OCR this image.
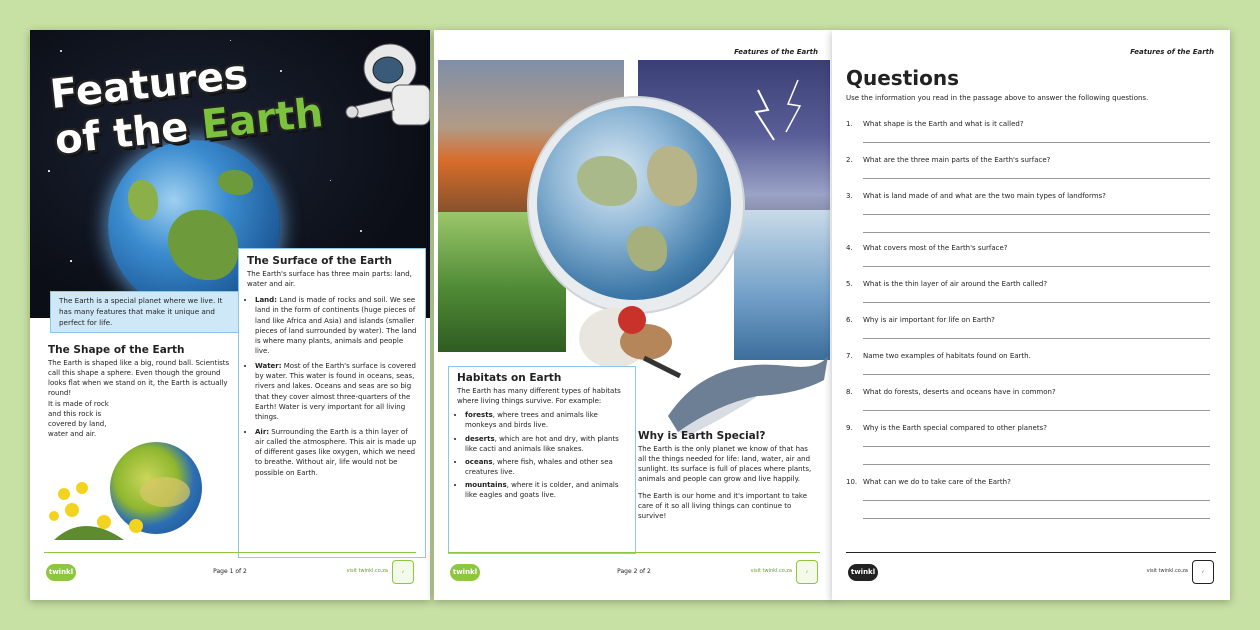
Features
of the Earth
The Earth is a special planet where we live. It has many features that make it unique and perfect for life.
The Shape of the Earth
The Earth is shaped like a big, round ball. Scientists call this shape a sphere. Even though the ground looks flat when we stand on it, the Earth is actually round!
It is made of rock and this rock is covered by land, water and air.
The Surface of the Earth
The Earth's surface has three main parts: land, water and air.
• Land: Land is made of rocks and soil. We see land in the form of continents (huge pieces of land like Africa and Asia) and islands (smaller pieces of land surrounded by water). The land is where many plants, animals and people live.
• Water: Most of the Earth's surface is covered by water. This water is found in oceans, seas, rivers and lakes. Oceans and seas are so big that they cover almost three-quarters of the Earth! Water is very important for all living things.
• Air: Surrounding the Earth is a thin layer of air called the atmosphere. This air is made up of different gases like oxygen, which we need to breathe. Without air, life would not be possible on Earth.
twinkl	Page 1 of 2	visit twinkl.co.za	✓
Features of the Earth
Habitats on Earth
The Earth has many different types of habitats where living things survive. For example:
• forests, where trees and animals like monkeys and birds live.
• deserts, which are hot and dry, with plants like cacti and animals like snakes.
• oceans, where fish, whales and other sea creatures live.
• mountains, where it is colder, and animals like eagles and goats live.
Why is Earth Special?

The Earth is the only planet we know of that has all the things needed for life: land, water, air and sunlight. Its surface is full of places where plants, animals and people can grow and live happily.

The Earth is our home and it's important to take care of it so all living things can continue to survive!

twinkl	Page 2 of 2	visit twinkl.co.za	✓
Features of the Earth
Questions
Use the information you read in the passage above to answer the following questions.
1. What shape is the Earth and what is it called?
2. What are the three main parts of the Earth's surface?
3. What is land made of and what are the two main types of landforms?
4. What covers most of the Earth's surface?
5. What is the thin layer of air around the Earth called?
6. Why is air important for life on Earth?
7. Name two examples of habitats found on Earth.
8. What do forests, deserts and oceans have in common?
9. Why is the Earth special compared to other planets?
10. What can we do to take care of the Earth?
twinkl	visit twinkl.co.za	✓
